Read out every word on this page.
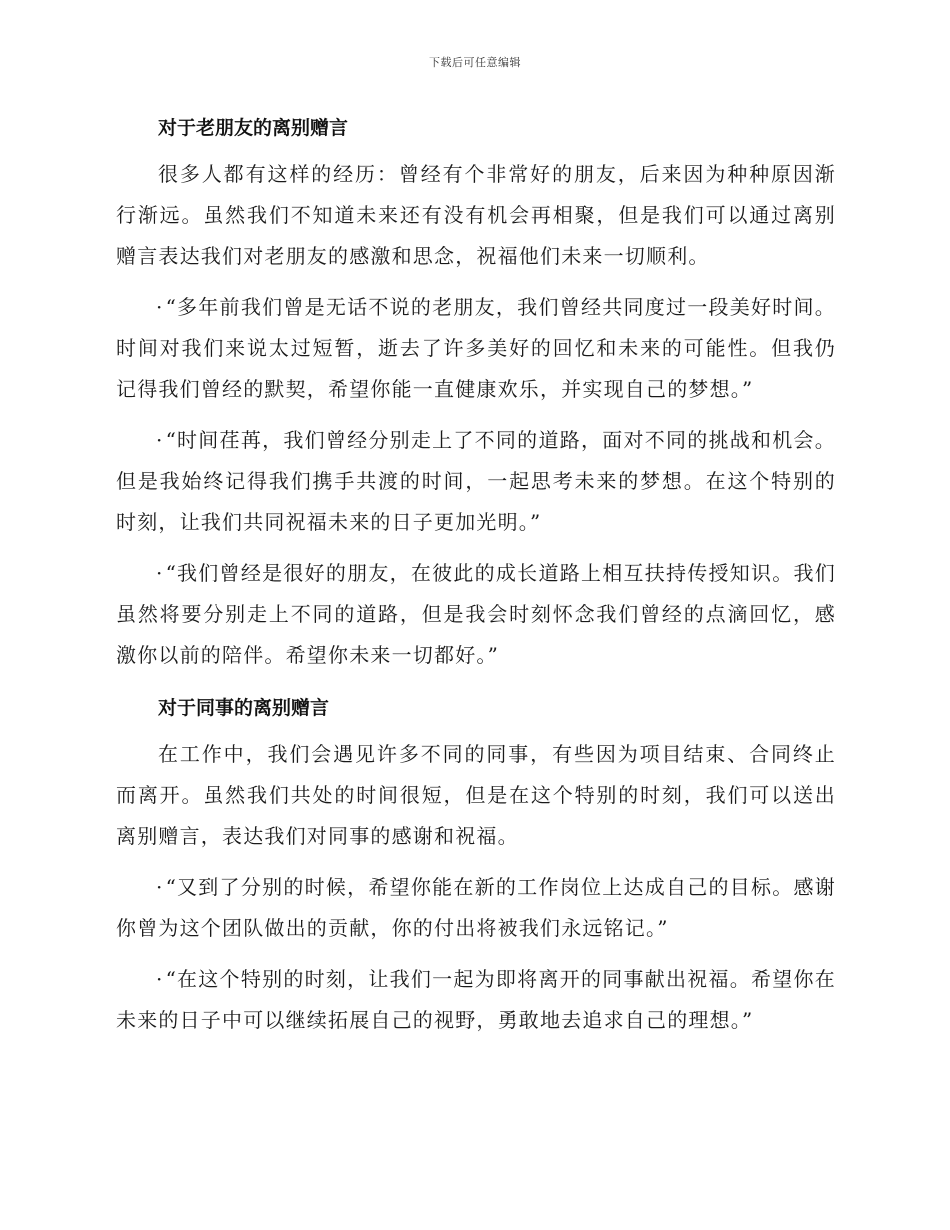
下载后可任意编辑
对于老朋友的离别赠言

很多人都有这样的经历：曾经有个非常好的朋友，后来因为种种原因渐行渐远。虽然我们不知道未来还有没有机会再相聚，但是我们可以通过离别赠言表达我们对老朋友的感激和思念，祝福他们未来一切顺利。

· “多年前我们曾是无话不说的老朋友，我们曾经共同度过一段美好时间。时间对我们来说太过短暂，逝去了许多美好的回忆和未来的可能性。但我仍记得我们曾经的默契，希望你能一直健康欢乐，并实现自己的梦想。”

· “时间荏苒，我们曾经分别走上了不同的道路，面对不同的挑战和机会。但是我始终记得我们携手共渡的时间，一起思考未来的梦想。在这个特别的时刻，让我们共同祝福未来的日子更加光明。”

· “我们曾经是很好的朋友，在彼此的成长道路上相互扶持传授知识。我们虽然将要分别走上不同的道路，但是我会时刻怀念我们曾经的点滴回忆，感激你以前的陪伴。希望你未来一切都好。”

对于同事的离别赠言

在工作中，我们会遇见许多不同的同事，有些因为项目结束、合同终止而离开。虽然我们共处的时间很短，但是在这个特别的时刻，我们可以送出离别赠言，表达我们对同事的感谢和祝福。

· “又到了分别的时候，希望你能在新的工作岗位上达成自己的目标。感谢你曾为这个团队做出的贡献，你的付出将被我们永远铭记。”

· “在这个特别的时刻，让我们一起为即将离开的同事献出祝福。希望你在未来的日子中可以继续拓展自己的视野，勇敢地去追求自己的理想。”
